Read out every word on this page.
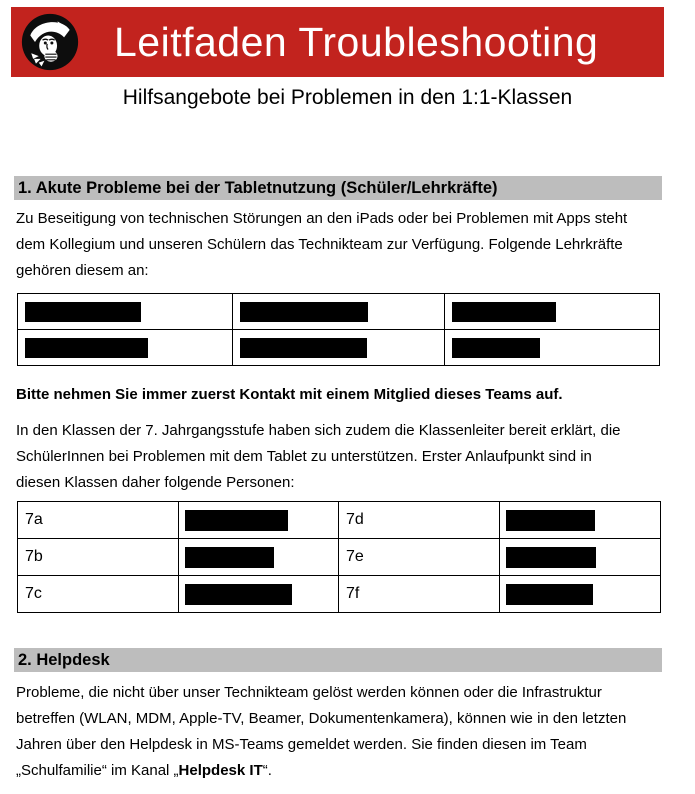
Leitfaden Troubleshooting
Hilfsangebote bei Problemen in den 1:1-Klassen
1. Akute Probleme bei der Tabletnutzung (Schüler/Lehrkräfte)
Zu Beseitigung von technischen Störungen an den iPads oder bei Problemen mit Apps steht
dem Kollegium und unseren Schülern das Technikteam zur Verfügung. Folgende Lehrkräfte
gehören diesem an:

Bitte nehmen Sie immer zuerst Kontakt mit einem Mitglied dieses Teams auf.
In den Klassen der 7. Jahrgangsstufe haben sich zudem die Klassenleiter bereit erklärt, die
SchülerInnen bei Problemen mit dem Tablet zu unterstützen. Erster Anlaufpunkt sind in
diesen Klassen daher folgende Personen:
7a		7d	

7b		7e	

7c		7f	
2. Helpdesk
Probleme, die nicht über unser Technikteam gelöst werden können oder die Infrastruktur
betreffen (WLAN, MDM, Apple-TV, Beamer, Dokumentenkamera), können wie in den letzten
Jahren über den Helpdesk in MS-Teams gemeldet werden. Sie finden diesen im Team
„Schulfamilie“ im Kanal „Helpdesk IT“.
